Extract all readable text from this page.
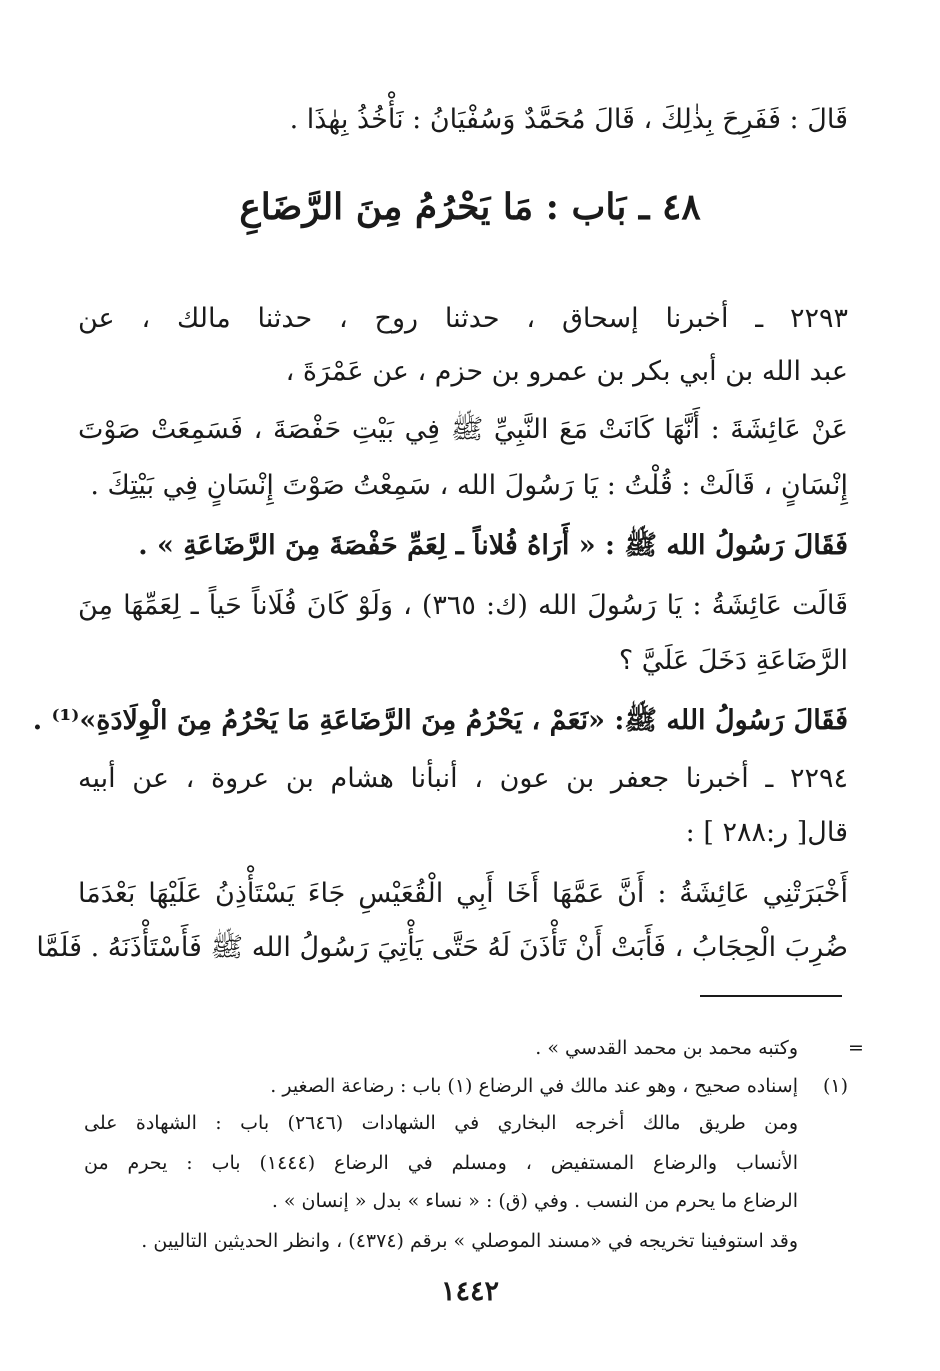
قَالَ : فَفَرِحَ بِذٰلِكَ ، قَالَ مُحَمَّدٌ وَسُفْيَانُ : نَأْخُذُ بِهٰذَا .
٤٨ ـ بَاب : مَا يَحْرُمُ مِنَ الرَّضَاعِ
٢٢٩٣ ـ أخبرنا إسحاق ، حدثنا روح ، حدثنا مالك ، عن
عبد الله بن أبي بكر بن عمرو بن حزم ، عن عَمْرَةَ ،
عَنْ عَائِشَةَ : أَنَّهَا كَانَتْ مَعَ النَّبِيِّ ﷺ فِي بَيْتِ حَفْصَةَ ، فَسَمِعَتْ صَوْتَ
إِنْسَانٍ ، قَالَتْ : قُلْتُ : يَا رَسُولَ الله ، سَمِعْتُ صَوْتَ إِنْسَانٍ فِي بَيْتِكَ .
فَقَالَ رَسُولُ الله ﷺ : « أَرَاهُ فُلاناً ـ لِعَمِّ حَفْصَةَ مِنَ الرَّضَاعَةِ » .
قَالَت عَائِشَةُ : يَا رَسُولَ الله (ك: ٣٦٥) ، وَلَوْ كَانَ فُلَاناً حَياً ـ لِعَمِّهَا مِنَ
الرَّضَاعَةِ دَخَلَ عَلَيَّ ؟
فَقَالَ رَسُولُ الله ﷺ: «نَعَمْ ، يَحْرُمُ مِنَ الرَّضَاعَةِ مَا يَحْرُمُ مِنَ الْوِلَادَةِ»⁽¹⁾ .
٢٢٩٤ ـ أخبرنا جعفر بن عون ، أنبأنا هشام بن عروة ، عن أبيه
قال[ ر:٢٨٨ ] :
أَخْبَرَتْنِي عَائِشَةُ : أَنَّ عَمَّهَا أَخَا أَبِي الْقُعَيْسِ جَاءَ يَسْتَأْذِنُ عَلَيْهَا بَعْدَمَا
ضُرِبَ الْحِجَابُ ، فَأَبَتْ أَنْ تَأْذَنَ لَهُ حَتَّى يَأْتِيَ رَسُولُ الله ﷺ فَأَسْتَأْذَنَهُ . فَلَمَّا
=
وكتبه محمد بن محمد القدسي » .
(١)
إسناده صحيح ، وهو عند مالك في الرضاع (١) باب : رضاعة الصغير .
ومن طريق مالك أخرجه البخاري في الشهادات (٢٦٤٦) باب : الشهادة على
الأنساب والرضاع المستفيض ، ومسلم في الرضاع (١٤٤٤) باب : يحرم من
الرضاع ما يحرم من النسب . وفي (ق) : « نساء » بدل « إنسان » .
وقد استوفينا تخريجه في «مسند الموصلي » برقم (٤٣٧٤) ، وانظر الحديثين التاليين .
١٤٤٢
